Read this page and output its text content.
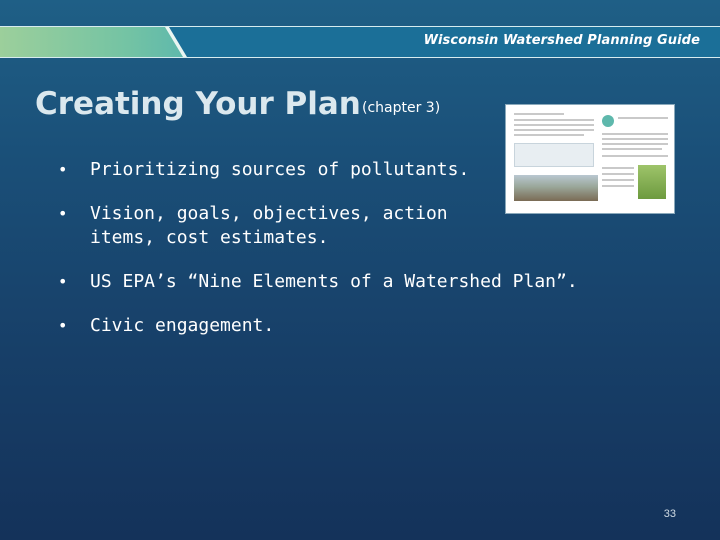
Wisconsin Watershed Planning Guide
Creating Your Plan (chapter 3)
• Prioritizing sources of pollutants.
• Vision, goals, objectives, action items, cost estimates.
• US EPA’s “Nine Elements of a Watershed Plan”.
• Civic engagement.
33
